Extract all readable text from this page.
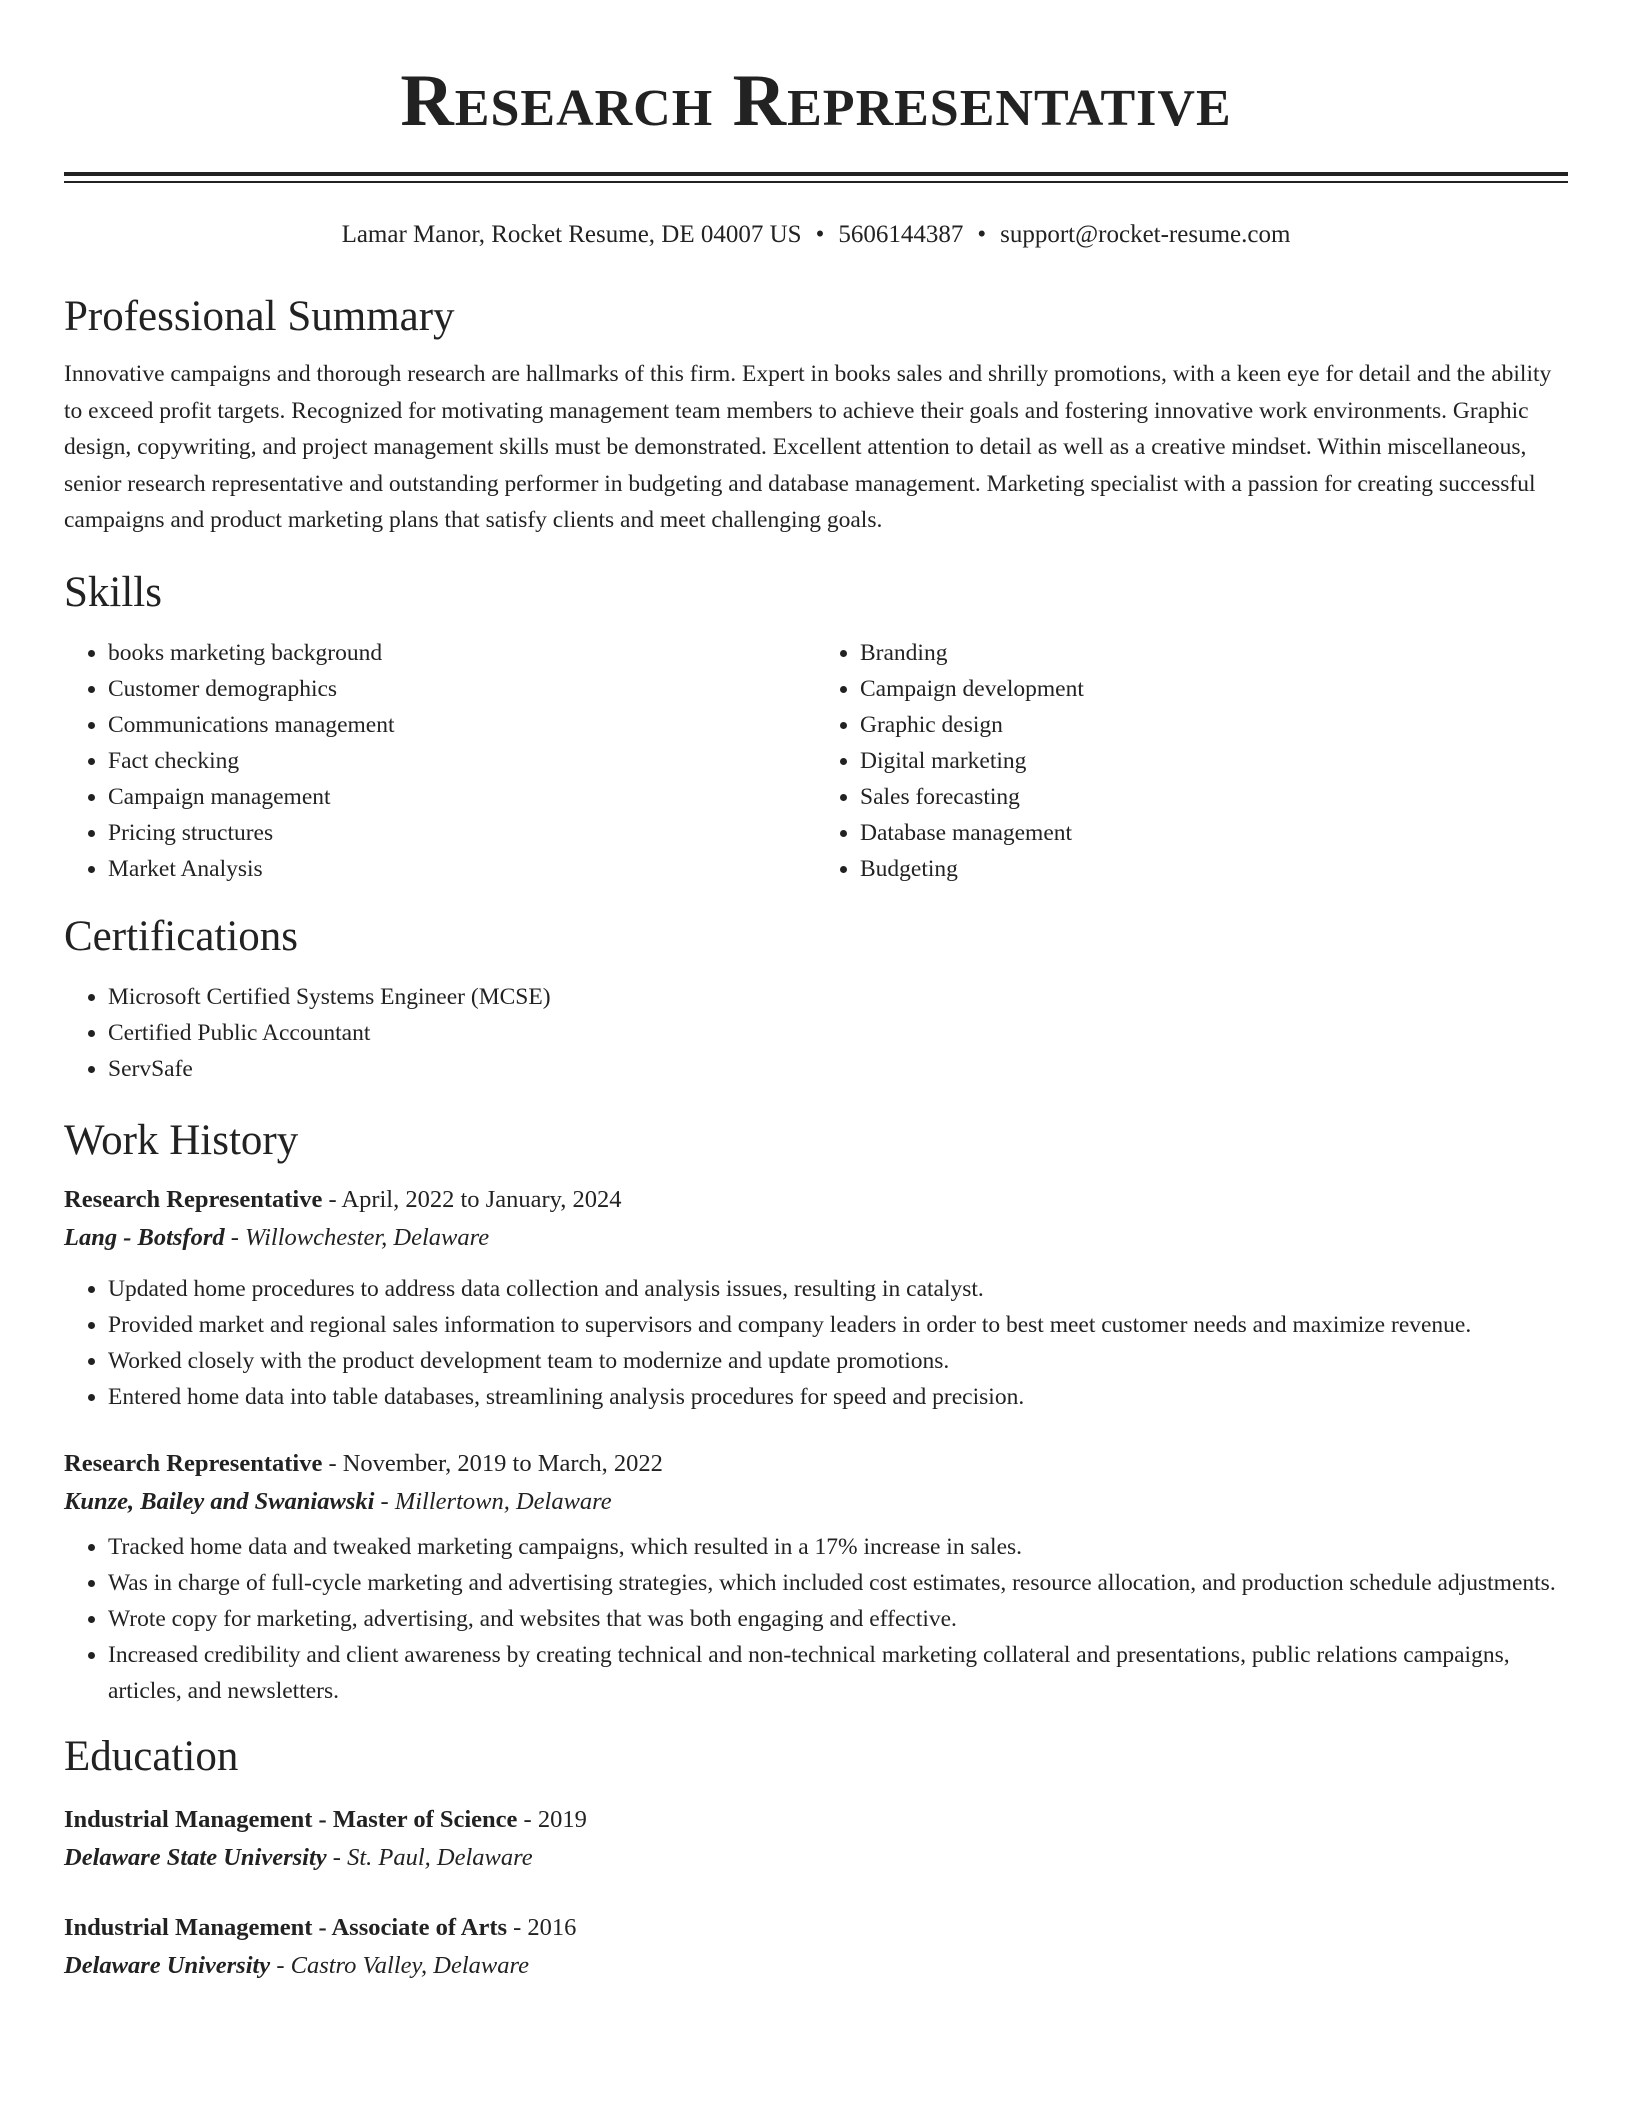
Research Representative
Lamar Manor, Rocket Resume, DE 04007 US • 5606144387 • support@rocket-resume.com
Professional Summary
Innovative campaigns and thorough research are hallmarks of this firm. Expert in books sales and shrilly promotions, with a keen eye for detail and the ability to exceed profit targets. Recognized for motivating management team members to achieve their goals and fostering innovative work environments. Graphic design, copywriting, and project management skills must be demonstrated. Excellent attention to detail as well as a creative mindset. Within miscellaneous, senior research representative and outstanding performer in budgeting and database management. Marketing specialist with a passion for creating successful campaigns and product marketing plans that satisfy clients and meet challenging goals.
Skills
• books marketing background
• Customer demographics
• Communications management
• Fact checking
• Campaign management
• Pricing structures
• Market Analysis
• Branding
• Campaign development
• Graphic design
• Digital marketing
• Sales forecasting
• Database management
• Budgeting
Certifications
• Microsoft Certified Systems Engineer (MCSE)
• Certified Public Accountant
• ServSafe
Work History
Research Representative - April, 2022 to January, 2024
Lang - Botsford - Willowchester, Delaware
• Updated home procedures to address data collection and analysis issues, resulting in catalyst.
• Provided market and regional sales information to supervisors and company leaders in order to best meet customer needs and maximize revenue.
• Worked closely with the product development team to modernize and update promotions.
• Entered home data into table databases, streamlining analysis procedures for speed and precision.
Research Representative - November, 2019 to March, 2022
Kunze, Bailey and Swaniawski - Millertown, Delaware
• Tracked home data and tweaked marketing campaigns, which resulted in a 17% increase in sales.
• Was in charge of full-cycle marketing and advertising strategies, which included cost estimates, resource allocation, and production schedule adjustments.
• Wrote copy for marketing, advertising, and websites that was both engaging and effective.
• Increased credibility and client awareness by creating technical and non-technical marketing collateral and presentations, public relations campaigns, articles, and newsletters.
Education
Industrial Management - Master of Science - 2019
Delaware State University - St. Paul, Delaware
Industrial Management - Associate of Arts - 2016
Delaware University - Castro Valley, Delaware
